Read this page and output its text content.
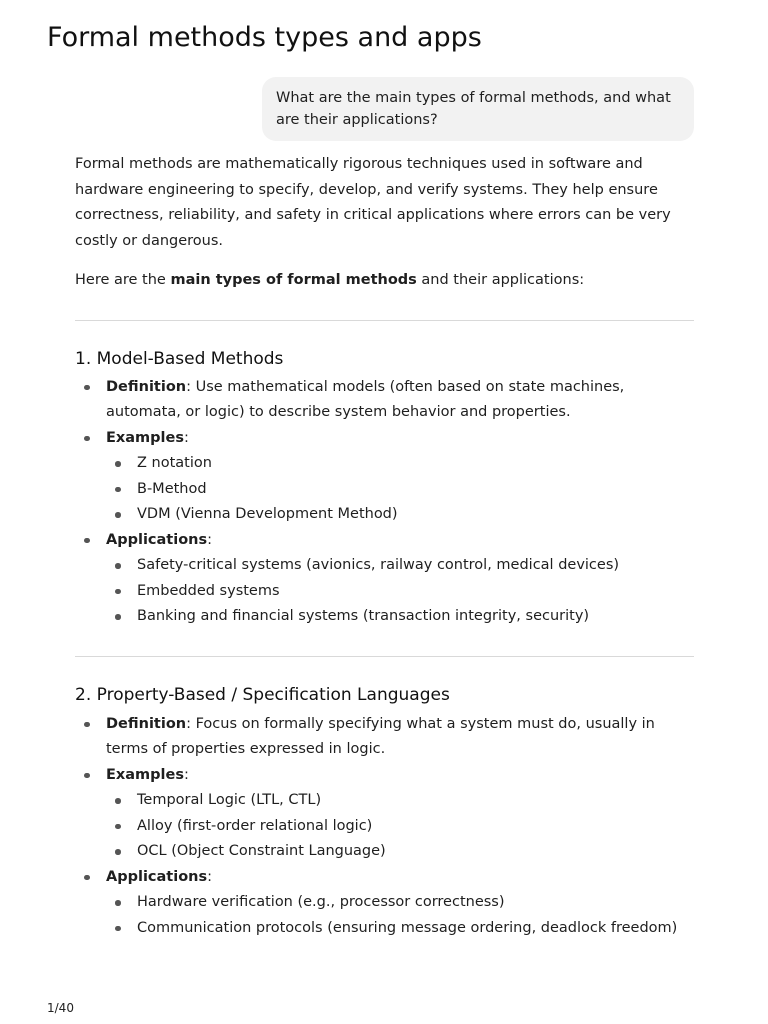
Formal methods types and apps
What are the main types of formal methods, and what are their applications?

Formal methods are mathematically rigorous techniques used in software and hardware engineering to specify, develop, and verify systems. They help ensure correctness, reliability, and safety in critical applications where errors can be very costly or dangerous.

Here are the main types of formal methods and their applications:

1. Model-Based Methods
Definition: Use mathematical models (often based on state machines, automata, or logic) to describe system behavior and properties.
Examples:
Z notation
B-Method
VDM (Vienna Development Method)
Applications:
Safety-critical systems (avionics, railway control, medical devices)
Embedded systems
Banking and financial systems (transaction integrity, security)
2. Property-Based / Specification Languages
Definition: Focus on formally specifying what a system must do, usually in terms of properties expressed in logic.
Examples:
Temporal Logic (LTL, CTL)
Alloy (first-order relational logic)
OCL (Object Constraint Language)
Applications:
Hardware verification (e.g., processor correctness)
Communication protocols (ensuring message ordering, deadlock freedom)
1/40
